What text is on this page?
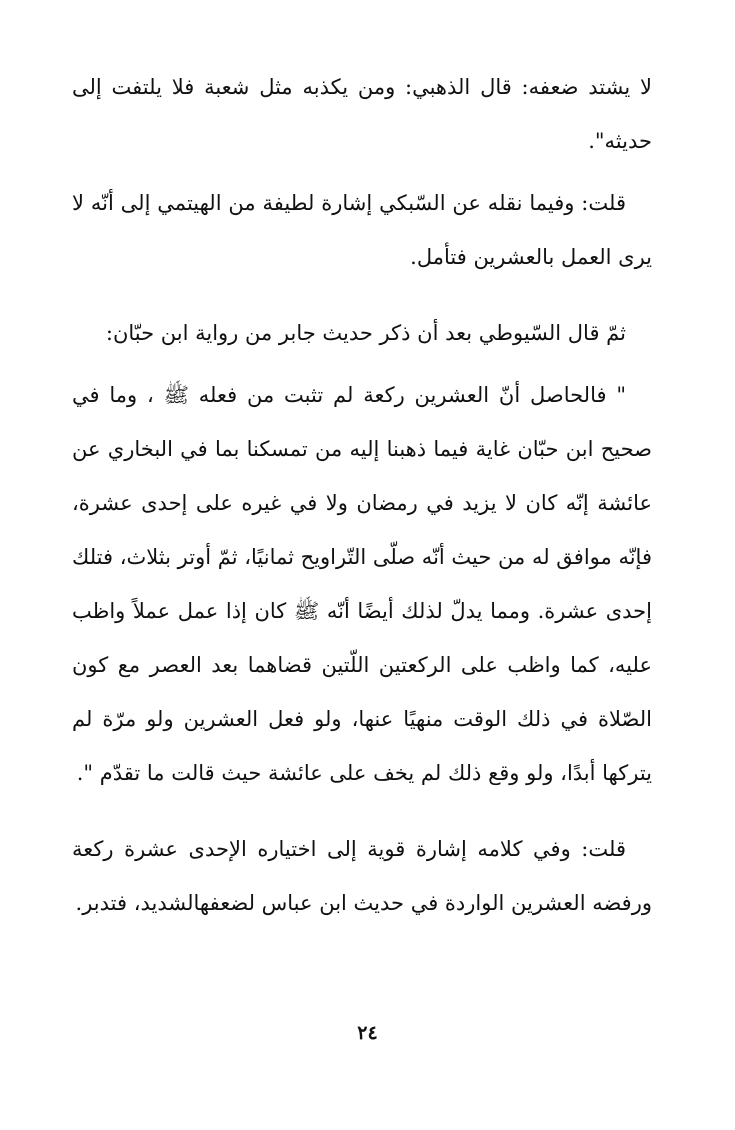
لا يشتد ضعفه: قال الذهبي: ومن يكذبه مثل شعبة فلا يلتفت إلى حديثه".

قلت: وفيما نقله عن السّبكي إشارة لطيفة من الهيتمي إلى أنّه لا يرى العمل بالعشرين فتأمل.

ثمّ قال السّيوطي بعد أن ذكر حديث جابر من رواية ابن حبّان:

" فالحاصل أنّ العشرين ركعة لم تثبت من فعله ﷺ ، وما في صحيح ابن حبّان غاية فيما ذهبنا إليه من تمسكنا بما في البخاري عن عائشة إنّه كان لا يزيد في رمضان ولا في غيره على إحدى عشرة، فإنّه موافق له من حيث أنّه صلّى التّراويح ثمانيًا، ثمّ أوتر بثلاث، فتلك إحدى عشرة. ومما يدلّ لذلك أيضًا أنّه ﷺ كان إذا عمل عملاً واظب عليه، كما واظب على الركعتين اللّتين قضاهما بعد العصر مع كون الصّلاة في ذلك الوقت منهيًا عنها، ولو فعل العشرين ولو مرّة لم يتركها أبدًا، ولو وقع ذلك لم يخف على عائشة حيث قالت ما تقدّم ".

قلت: وفي كلامه إشارة قوية إلى اختياره الإحدى عشرة ركعة ورفضه العشرين الواردة في حديث ابن عباس لضعفهالشديد، فتدبر.

٢٤
